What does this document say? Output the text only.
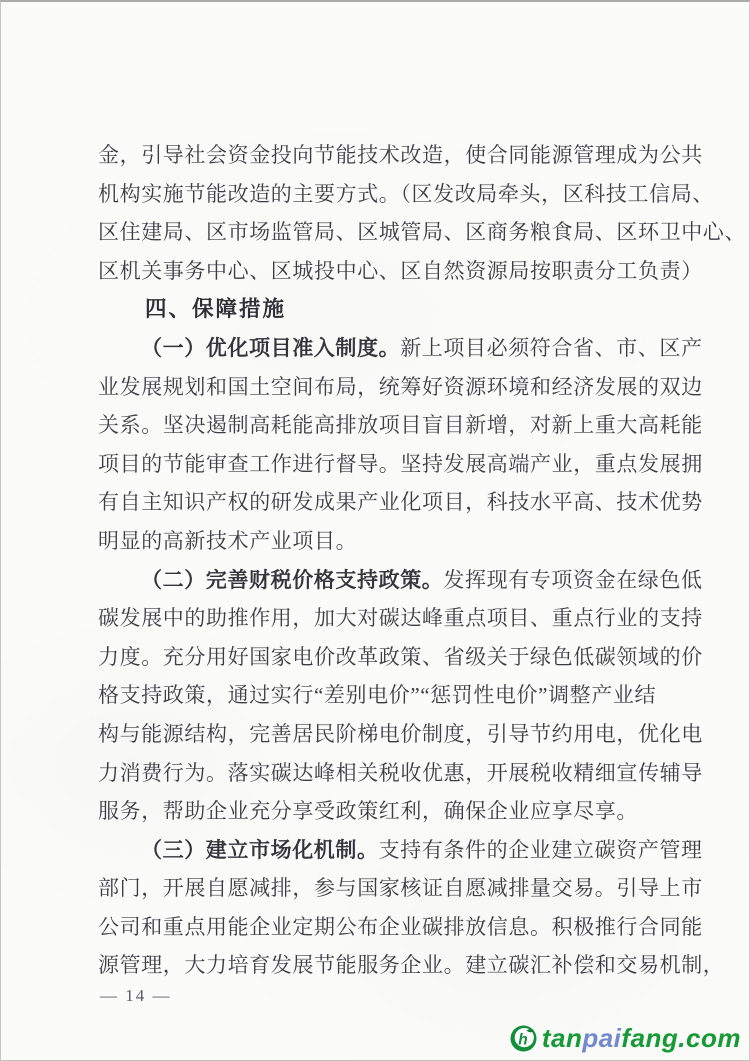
金，引导社会资金投向节能技术改造，使合同能源管理成为公共
机构实施节能改造的主要方式。（区发改局牵头，区科技工信局、
区住建局、区市场监管局、区城管局、区商务粮食局、区环卫中心、
区机关事务中心、区城投中心、区自然资源局按职责分工负责）
四、保障措施
（一）优化项目准入制度。新上项目必须符合省、市、区产
业发展规划和国土空间布局，统筹好资源环境和经济发展的双边
关系。坚决遏制高耗能高排放项目盲目新增，对新上重大高耗能
项目的节能审查工作进行督导。坚持发展高端产业，重点发展拥
有自主知识产权的研发成果产业化项目，科技水平高、技术优势
明显的高新技术产业项目。
（二）完善财税价格支持政策。发挥现有专项资金在绿色低
碳发展中的助推作用，加大对碳达峰重点项目、重点行业的支持
力度。充分用好国家电价改革政策、省级关于绿色低碳领域的价
格支持政策，通过实行“差别电价”“惩罚性电价”调整产业结
构与能源结构，完善居民阶梯电价制度，引导节约用电，优化电
力消费行为。落实碳达峰相关税收优惠，开展税收精细宣传辅导
服务，帮助企业充分享受政策红利，确保企业应享尽享。
（三）建立市场化机制。支持有条件的企业建立碳资产管理
部门，开展自愿减排，参与国家核证自愿减排量交易。引导上市
公司和重点用能企业定期公布企业碳排放信息。积极推行合同能
源管理，大力培育发展节能服务企业。建立碳汇补偿和交易机制，
— 14 —
h tanpaifang.com
